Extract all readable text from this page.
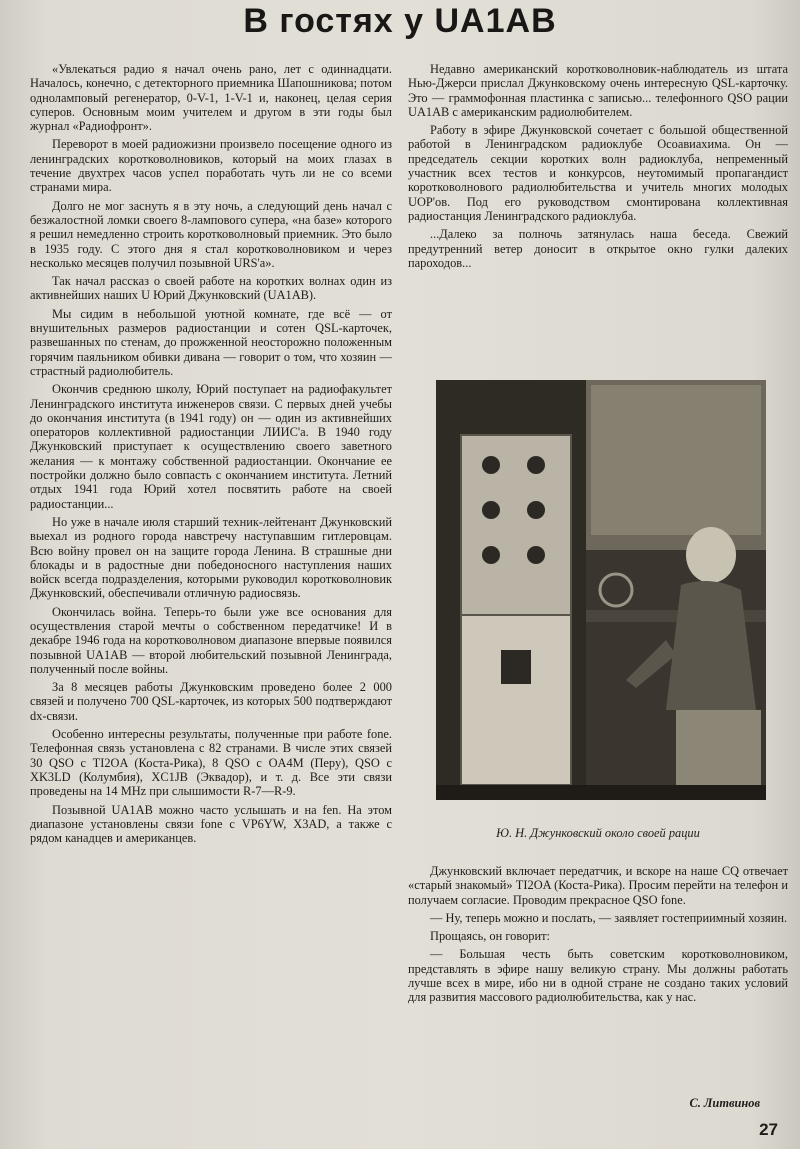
В гостях у UA1AB

«Увлекаться радио я начал очень рано, лет с одиннадцати. Началось, конечно, с детекторного приемника Шапошникова; потом одноламповый регенератор, 0-V-1, 1-V-1 и, наконец, целая серия суперов. Основным моим учителем и другом в эти годы был журнал «Радиофронт».

Переворот в моей радиожизни произвело посещение одного из ленинградских коротковолновиков, который на моих глазах в течение двухтрех часов успел поработать чуть ли не со всеми странами мира.

Долго не мог заснуть я в эту ночь, а следующий день начал с безжалостной ломки своего 8-лампового супера, «на базе» которого я решил немедленно строить коротковолновый приемник. Это было в 1935 году. С этого дня я стал коротковолновиком и через несколько месяцев получил позывной URS'а».

Так начал рассказ о своей работе на коротких волнах один из активнейших наших U Юрий Джунковский (UA1AB).

Мы сидим в небольшой уютной комнате, где всё — от внушительных размеров радиостанции и сотен QSL-карточек, развешанных по стенам, до прожженной неосторожно положенным горячим паяльником обивки дивана — говорит о том, что хозяин — страстный радиолюбитель.

Окончив среднюю школу, Юрий поступает на радиофакультет Ленинградского института инженеров связи. С первых дней учебы до окончания института (в 1941 году) он — один из активнейших операторов коллективной радиостанции ЛИИС'а. В 1940 году Джунковский приступает к осуществлению своего заветного желания — к монтажу собственной радиостанции. Окончание ее постройки должно было совпасть с окончанием института. Летний отдых 1941 года Юрий хотел посвятить работе на своей радиостанции...

Но уже в начале июля старший техник-лейтенант Джунковский выехал из родного города навстречу наступавшим гитлеровцам. Всю войну провел он на защите города Ленина. В страшные дни блокады и в радостные дни победоносного наступления наших войск всегда подразделения, которыми руководил коротковолновик Джунковский, обеспечивали отличную радиосвязь.

Окончилась война. Теперь-то были уже все основания для осуществления старой мечты о собственном передатчике! И в декабре 1946 года на коротковолновом диапазоне впервые появился позывной UA1AB — второй любительский позывной Ленинграда, полученный после войны.

За 8 месяцев работы Джунковским проведено более 2 000 связей и получено 700 QSL-карточек, из которых 500 подтверждают dx-связи.

Особенно интересны результаты, полученные при работе fone. Телефонная связь установлена с 82 странами. В числе этих связей 30 QSO с TI2OA (Коста-Рика), 8 QSO с OA4M (Перу), QSO с XK3LD (Колумбия), XC1JB (Эквадор), и т. д. Все эти связи проведены на 14 MHz при слышимости R-7—R-9.

Позывной UA1AB можно часто услышать и на fen. На этом диапазоне установлены связи fone с VP6YW, X3AD, а также с рядом канадцев и американцев.

Недавно американский коротковолновик-наблюдатель из штата Нью-Джерси прислал Джунковскому очень интересную QSL-карточку. Это — граммофонная пластинка с записью... телефонного QSO рации UA1AB с американским радиолюбителем.

Работу в эфире Джунковской сочетает с большой общественной работой в Ленинградском радиоклубе Осоавиахима. Он — председатель секции коротких волн радиоклуба, непременный участник всех тестов и конкурсов, неутомимый пропагандист коротковолнового радиолюбительства и учитель многих молодых UOP'ов. Под его руководством смонтирована коллективная радиостанция Ленинградского радиоклуба.

...Далеко за полночь затянулась наша беседа. Свежий предутренний ветер доносит в открытое окно гулки далеких пароходов...

Ю. Н. Джунковский около своей рации

Джунковский включает передатчик, и вскоре на наше CQ отвечает «старый знакомый» TI2OA (Коста-Рика). Просим перейти на телефон и получаем согласие. Проводим прекрасное QSO fone.

— Ну, теперь можно и послать, — заявляет гостеприимный хозяин.

Прощаясь, он говорит:

— Большая честь быть советским коротковолновиком, представлять в эфире нашу великую страну. Мы должны работать лучше всех в мире, ибо ни в одной стране не создано таких условий для развития массового радиолюбительства, как у нас.

С. Литвинов
27
